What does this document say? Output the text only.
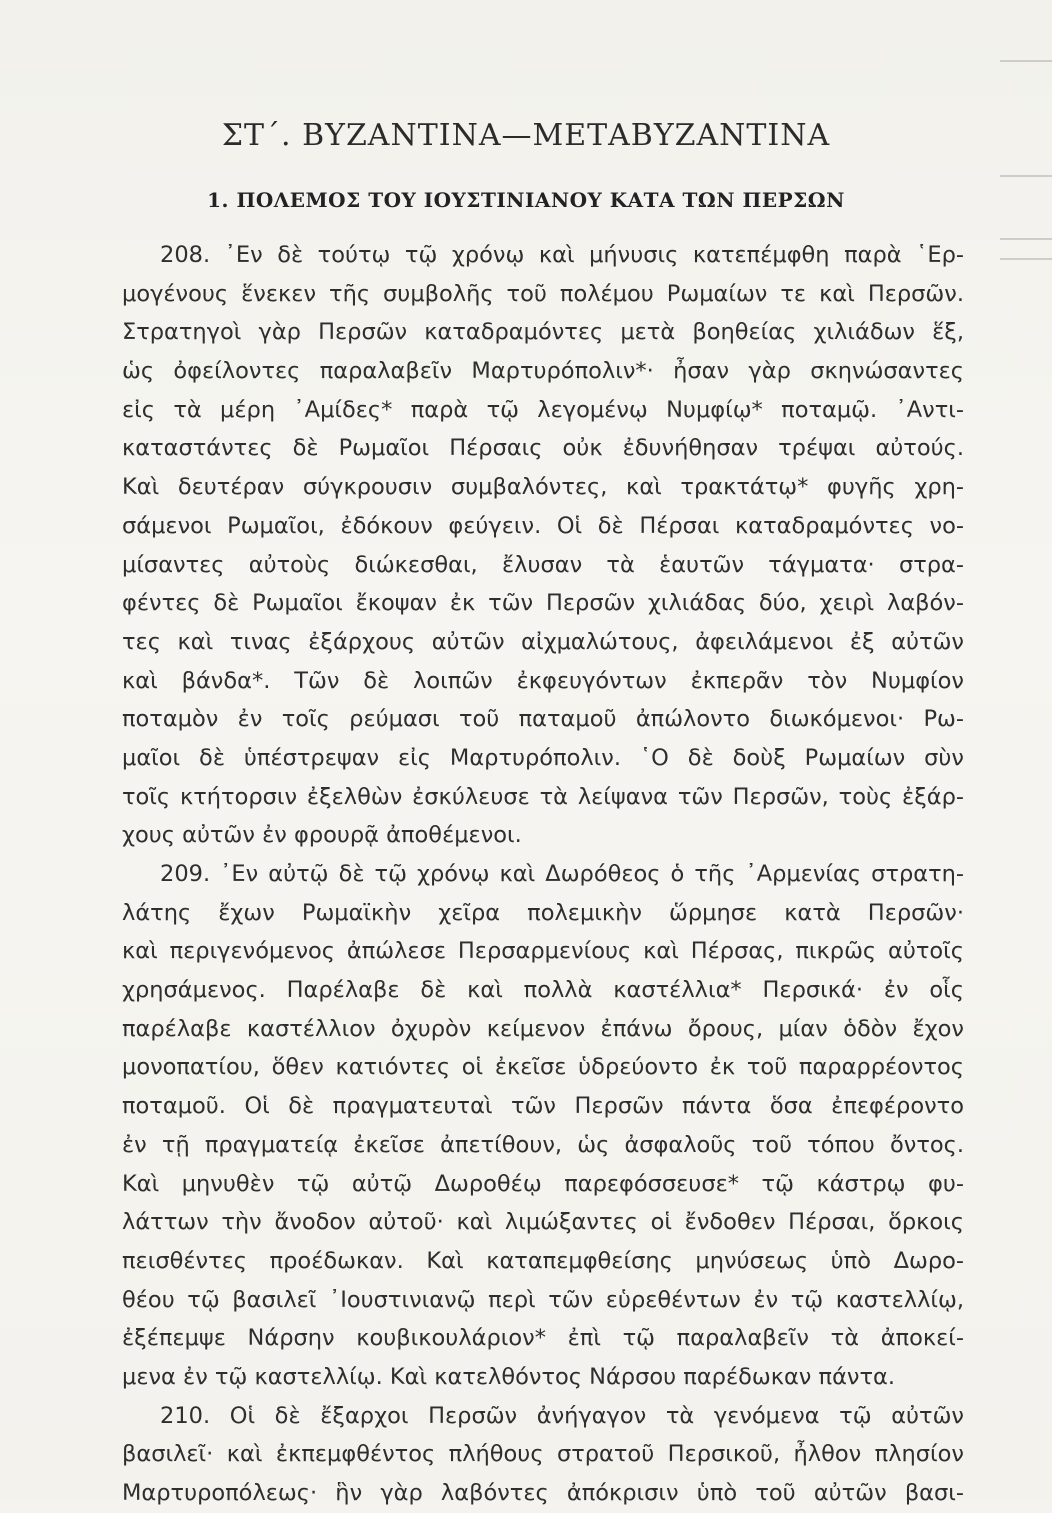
ΣΤ΄. ΒΥΖΑΝΤΙΝΑ—ΜΕΤΑΒΥΖΑΝΤΙΝΑ
1. ΠΟΛΕΜΟΣ ΤΟΥ ΙΟΥΣΤΙΝΙΑΝΟΥ ΚΑΤΑ ΤΩΝ ΠΕΡΣΩΝ
208. ᾿Εν δὲ τούτῳ τῷ χρόνῳ καὶ μήνυσις κατεπέμφθη παρὰ ῾Ερ-
μογένους ἕνεκεν τῆς συμβολῆς τοῦ πολέμου Ρωμαίων τε καὶ Περσῶν.
Στρατηγοὶ γὰρ Περσῶν καταδραμόντες μετὰ βοηθείας χιλιάδων ἕξ,
ὡς ὀφείλοντες παραλαβεῖν Μαρτυρόπολιν*· ἦσαν γὰρ σκηνώσαντες
εἰς τὰ μέρη ᾿Αμίδες* παρὰ τῷ λεγομένῳ Νυμφίῳ* ποταμῷ. ᾿Αντι-
καταστάντες δὲ Ρωμαῖοι Πέρσαις οὐκ ἐδυνήθησαν τρέψαι αὐτούς.
Καὶ δευτέραν σύγκρουσιν συμβαλόντες, καὶ τρακτάτῳ* φυγῆς χρη-
σάμενοι Ρωμαῖοι, ἐδόκουν φεύγειν. Οἱ δὲ Πέρσαι καταδραμόντες νο-
μίσαντες αὐτοὺς διώκεσθαι, ἔλυσαν τὰ ἑαυτῶν τάγματα· στρα-
φέντες δὲ Ρωμαῖοι ἔκοψαν ἐκ τῶν Περσῶν χιλιάδας δύο, χειρὶ λαβόν-
τες καὶ τινας ἐξάρχους αὐτῶν αἰχμαλώτους, ἀφειλάμενοι ἐξ αὐτῶν
καὶ βάνδα*. Τῶν δὲ λοιπῶν ἐκφευγόντων ἐκπερᾶν τὸν Νυμφίον
ποταμὸν ἐν τοῖς ρεύμασι τοῦ παταμοῦ ἀπώλοντο διωκόμενοι· Ρω-
μαῖοι δὲ ὑπέστρεψαν εἰς Μαρτυρόπολιν. ῾Ο δὲ δοὺξ Ρωμαίων σὺν
τοῖς κτήτορσιν ἐξελθὼν ἐσκύλευσε τὰ λείψανα τῶν Περσῶν, τοὺς ἐξάρ-
χους αὐτῶν ἐν φρουρᾷ ἀποθέμενοι.
209. ᾿Εν αὐτῷ δὲ τῷ χρόνῳ καὶ Δωρόθεος ὁ τῆς ᾿Αρμενίας στρατη-
λάτης ἔχων Ρωμαϊκὴν χεῖρα πολεμικὴν ὥρμησε κατὰ Περσῶν·
καὶ περιγενόμενος ἀπώλεσε Περσαρμενίους καὶ Πέρσας, πικρῶς αὐτοῖς
χρησάμενος. Παρέλαβε δὲ καὶ πολλὰ καστέλλια* Περσικά· ἐν οἷς
παρέλαβε καστέλλιον ὀχυρὸν κείμενον ἐπάνω ὄρους, μίαν ὁδὸν ἔχον
μονοπατίου, ὅθεν κατιόντες οἱ ἐκεῖσε ὑδρεύοντο ἐκ τοῦ παραρρέοντος
ποταμοῦ. Οἱ δὲ πραγματευταὶ τῶν Περσῶν πάντα ὅσα ἐπεφέροντο
ἐν τῇ πραγματείᾳ ἐκεῖσε ἀπετίθουν, ὡς ἀσφαλοῦς τοῦ τόπου ὄντος.
Καὶ μηνυθὲν τῷ αὐτῷ Δωροθέῳ παρεφόσσευσε* τῷ κάστρῳ φυ-
λάττων τὴν ἄνοδον αὐτοῦ· καὶ λιμώξαντες οἱ ἔνδοθεν Πέρσαι, ὅρκοις
πεισθέντες προέδωκαν. Καὶ καταπεμφθείσης μηνύσεως ὑπὸ Δωρο-
θέου τῷ βασιλεῖ ᾿Ιουστινιανῷ περὶ τῶν εὑρεθέντων ἐν τῷ καστελλίῳ,
ἐξέπεμψε Νάρσην κουβικουλάριον* ἐπὶ τῷ παραλαβεῖν τὰ ἀποκεί-
μενα ἐν τῷ καστελλίῳ. Καὶ κατελθόντος Νάρσου παρέδωκαν πάντα.
210. Οἱ δὲ ἔξαρχοι Περσῶν ἀνήγαγον τὰ γενόμενα τῷ αὐτῶν
βασιλεῖ· καὶ ἐκπεμφθέντος πλήθους στρατοῦ Περσικοῦ, ἦλθον πλησίον
Μαρτυροπόλεως· ἣν γὰρ λαβόντες ἀπόκρισιν ὑπὸ τοῦ αὐτῶν βασι-
